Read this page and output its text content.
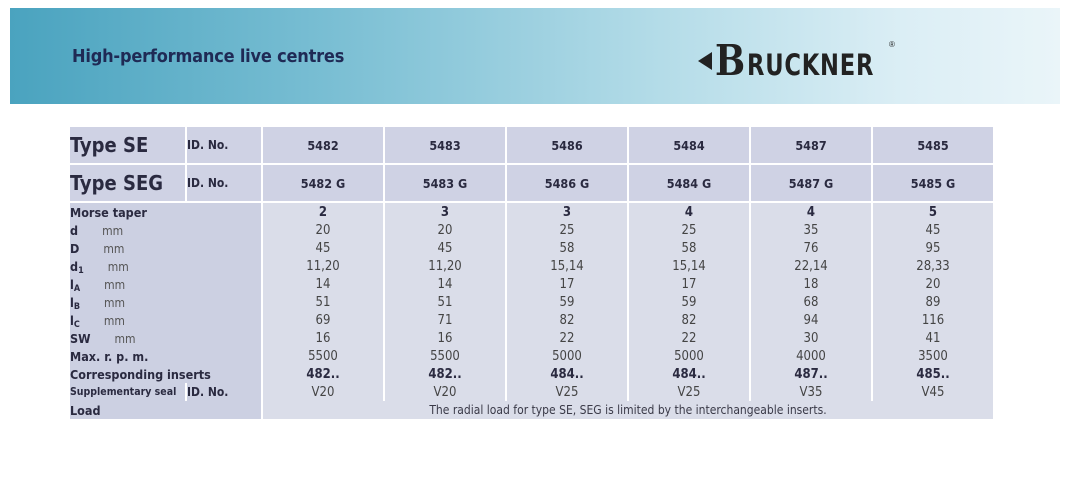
High-performance live centres	B RUCKNER
®
Type SE	ID. No.	5482	5483	5486	5484	5487	5485

Type SEG	ID. No.	5482 G	5483 G	5486 G	5484 G	5487 G	5485 G

Morse taper		2	3	3	4	4	5
d mm		20	20	25	25	35	45
D mm		45	45	58	58	76	95
d1 mm		11,20	11,20	15,14	15,14	22,14	28,33
lA mm		14	14	17	17	18	20
lB mm		51	51	59	59	68	89
lC mm		69	71	82	82	94	116
SW mm		16	16	22	22	30	41
Max. r. p. m.		5500	5500	5000	5000	4000	3500
Corresponding inserts		482..	482..	484..	484..	487..	485..
Supplementary seal	ID. No.	V20	V20	V25	V25	V35	V45
Load		The radial load for type SE, SEG is limited by the interchangeable inserts.					
